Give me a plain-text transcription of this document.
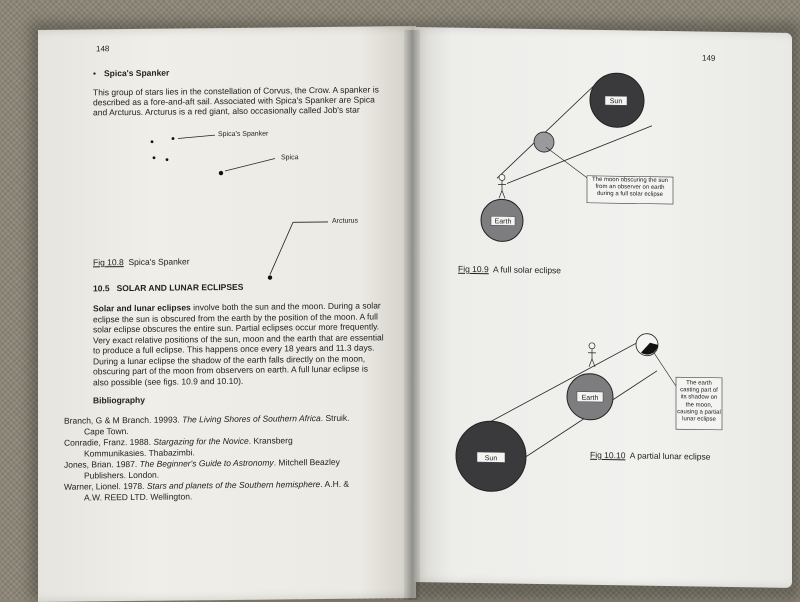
148
• Spica's Spanker
This group of stars lies in the constellation of Corvus, the Crow. A spanker is
described as a fore-and-aft sail. Associated with Spica's Spanker are Spica
and Arcturus. Arcturus is a red giant, also occasionally called Job's star
Spica's Spanker
Spica
Arcturus
Fig 10.8 Spica's Spanker
10.5 SOLAR AND LUNAR ECLIPSES
Solar and lunar eclipses involve both the sun and the moon. During a solar
eclipse the sun is obscured from the earth by the position of the moon. A full
solar eclipse obscures the entire sun. Partial eclipses occur more frequently.
Very exact relative positions of the sun, moon and the earth that are essential
to produce a full eclipse. This happens once every 18 years and 11.3 days.
During a lunar eclipse the shadow of the earth falls directly on the moon,
obscuring part of the moon from observers on earth. A full lunar eclipse is
also possible (see figs. 10.9 and 10.10).
Bibliography
Branch, G & M Branch. 19993. The Living Shores of Southern Africa. Struik.
Cape Town.
Conradie, Franz. 1988. Stargazing for the Novice. Kransberg
Kommunikasies. Thabazimbi.
Jones, Brian. 1987. The Beginner's Guide to Astronomy. Mitchell Beazley
Publishers. London.
Warner, Lionel. 1978. Stars and planets of the Southern hemisphere. A.H. &
A.W. REED LTD. Wellington.
149
Sun
Earth
Sun
Earth
The moon obscuring the sun from an observer on earth during a full solar eclipse
Fig 10.9 A full solar eclipse
The earth casting part of its shadow on the moon, causing a partial lunar eclipse
Fig 10.10 A partial lunar eclipse
